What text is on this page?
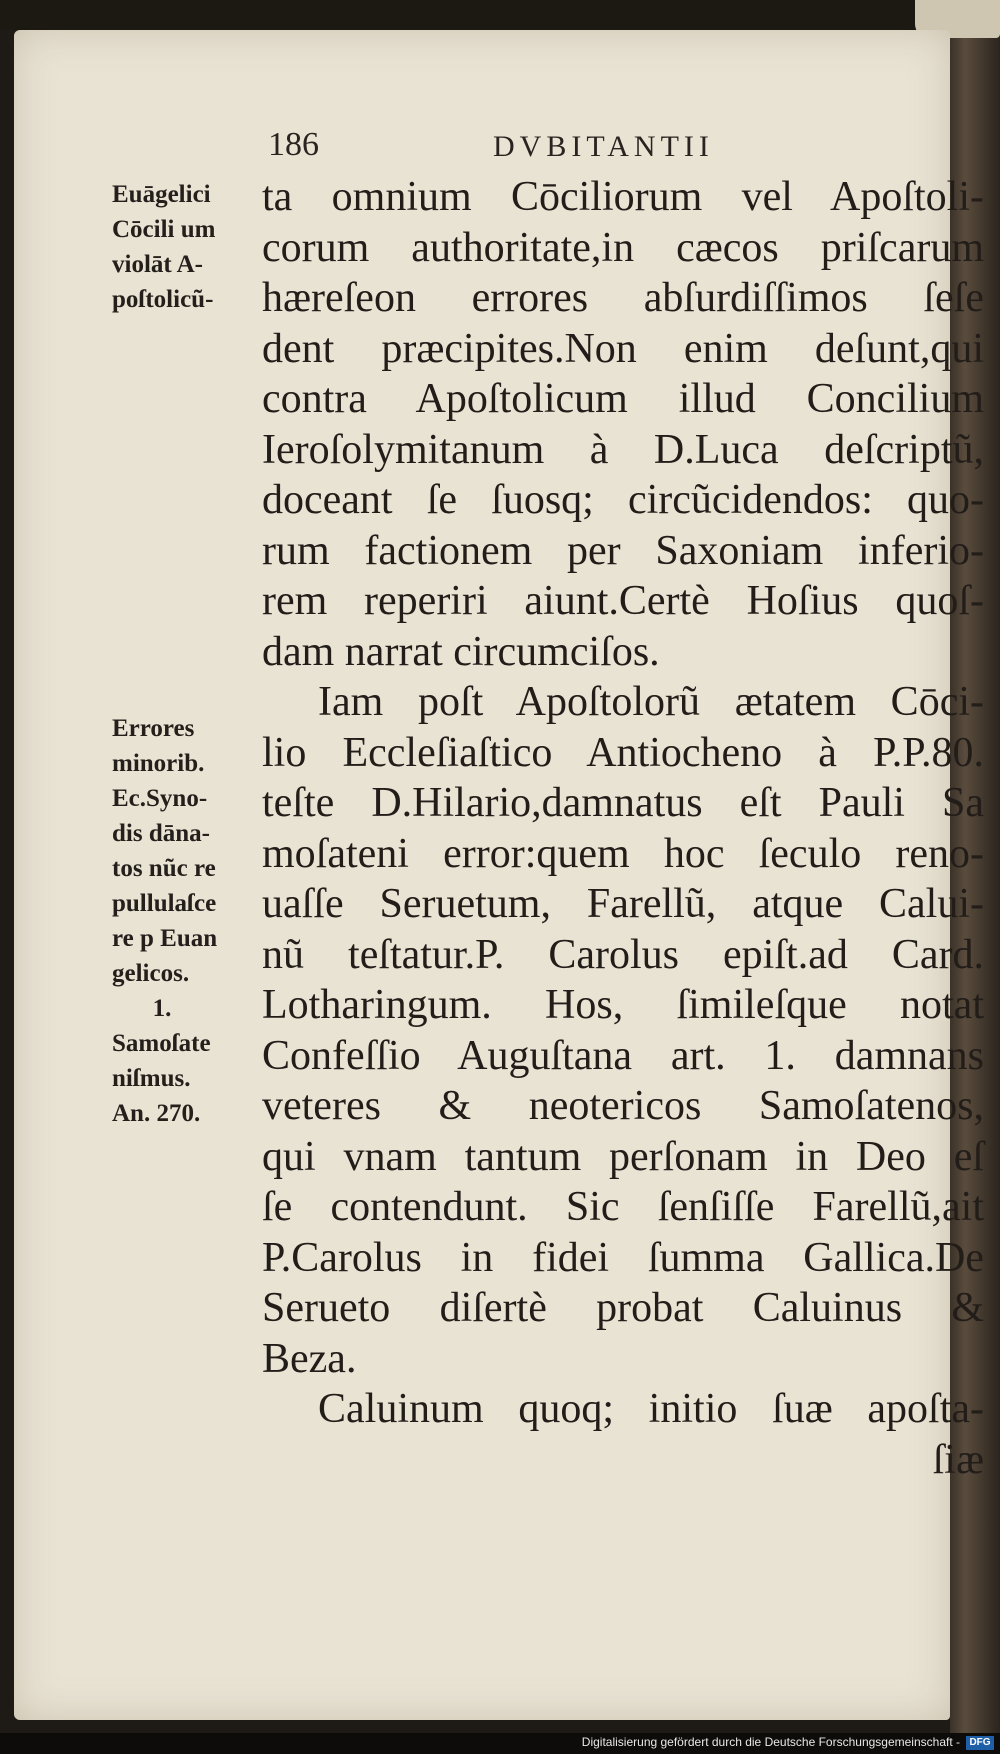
186	DVBITANTII
Euāgelici
Cōcili um
violāt A-
poſtolicũ-
Errores
minorib.
Ec.Syno-
dis dāna-
tos nũc re
pullulaſce
re p Euan
gelicos.
1.
Samoſate
niſmus.
An. 270.
ta omnium Cōciliorum vel Apoſtoli-
corum authoritate,in cæcos priſcarum
hæreſeon errores abſurdiſſimos ſeſe
dent præcipites.Non enim deſunt,qui
contra Apoſtolicum illud Concilium
Ieroſolymitanum à D.Luca deſcriptũ,
doceant ſe ſuosq; circũcidendos: quo-
rum factionem per Saxoniam inferio-
rem reperiri aiunt.Certè Hoſius quoſ-
dam narrat circumciſos.
Iam poſt Apoſtolorũ ætatem Cōci-
lio Eccleſiaſtico Antiocheno à P.P.80.
teſte D.Hilario,damnatus eſt Pauli Sa
moſateni error:quem hoc ſeculo reno-
uaſſe Seruetum, Farellũ, atque Calui-
nũ teſtatur.P. Carolus epiſt.ad Card.
Lotharingum. Hos, ſimileſque notat
Confeſſio Auguſtana art. 1. damnans
veteres & neotericos Samoſatenos,
qui vnam tantum perſonam in Deo eſ
ſe contendunt. Sic ſenſiſſe Farellũ,ait
P.Carolus in fidei ſumma Gallica.De
Serueto diſertè probat Caluinus &
Beza.
Caluinum quoq; initio ſuæ apoſta-
ſiæ
Digitalisierung gefördert durch die Deutsche Forschungsgemeinschaft - DFG
